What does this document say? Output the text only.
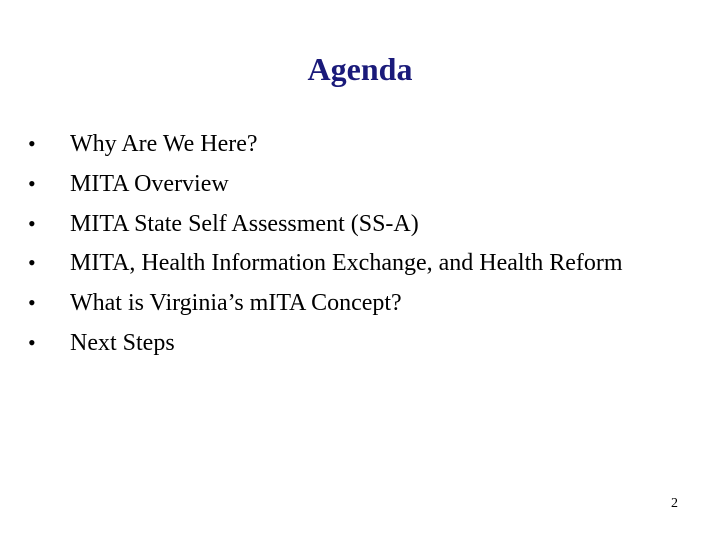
Agenda
• Why Are We Here?
• MITA Overview
• MITA State Self Assessment (SS-A)
• MITA, Health Information Exchange, and Health Reform
• What is Virginia’s mITA Concept?
• Next Steps
2
